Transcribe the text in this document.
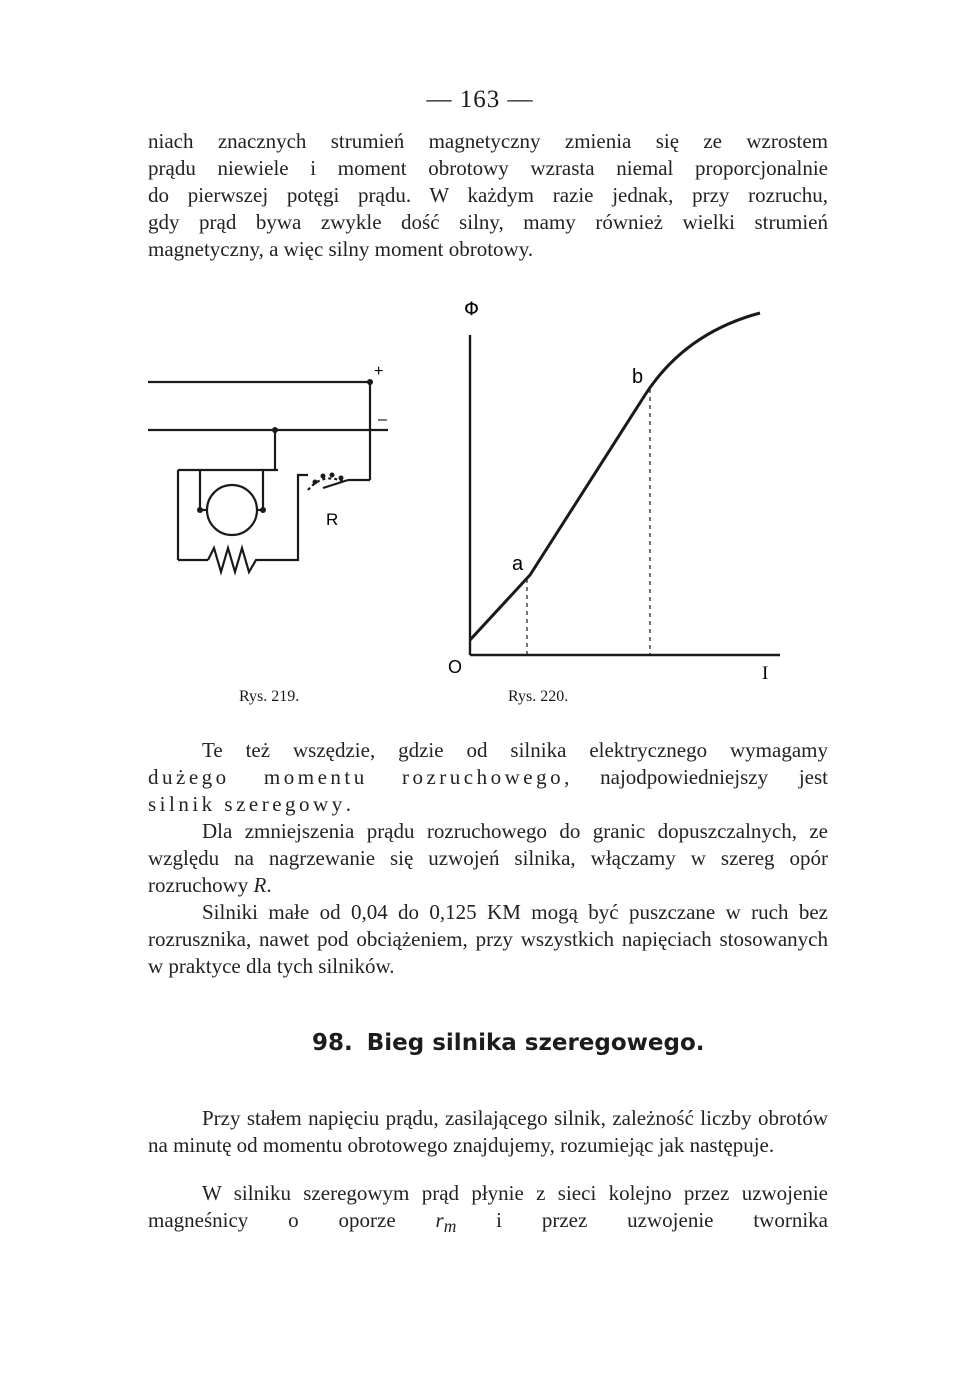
— 163 —

niach znacznych strumień magnetyczny zmienia się ze wzrostem

prądu niewiele i moment obrotowy wzrasta niemal proporcjonalnie

do pierwszej potęgi prądu. W każdym razie jednak, przy rozruchu,

gdy prąd bywa zwykle dość silny, mamy również wielki strumień

magnetyczny, a więc silny moment obrotowy.

+
–
R
Rys. 219.
Φ
I
O
a
b
Rys. 220.

Te też wszędzie, gdzie od silnika elektrycznego wymagamy

dużego momentu rozruchowego, najodpowiedniejszy jest

silnik szeregowy.

Dla zmniejszenia prądu rozruchowego do granic dopuszczalnych, ze względu na nagrzewanie się uzwojeń silnika, włączamy w szereg opór rozruchowy R.

Silniki małe od 0,04 do 0,125 KM mogą być puszczane w ruch bez rozrusznika, nawet pod obciążeniem, przy wszystkich napięciach stosowanych w praktyce dla tych silników.

98. Bieg silnika szeregowego.

Przy stałem napięciu prądu, zasilającego silnik, zależność liczby obrotów na minutę od momentu obrotowego znajdujemy, rozumiejąc jak następuje.

W silniku szeregowym prąd płynie z sieci kolejno przez uzwojenie magneśnicy o oporze $r_m$ i przez uzwojenie twornika
